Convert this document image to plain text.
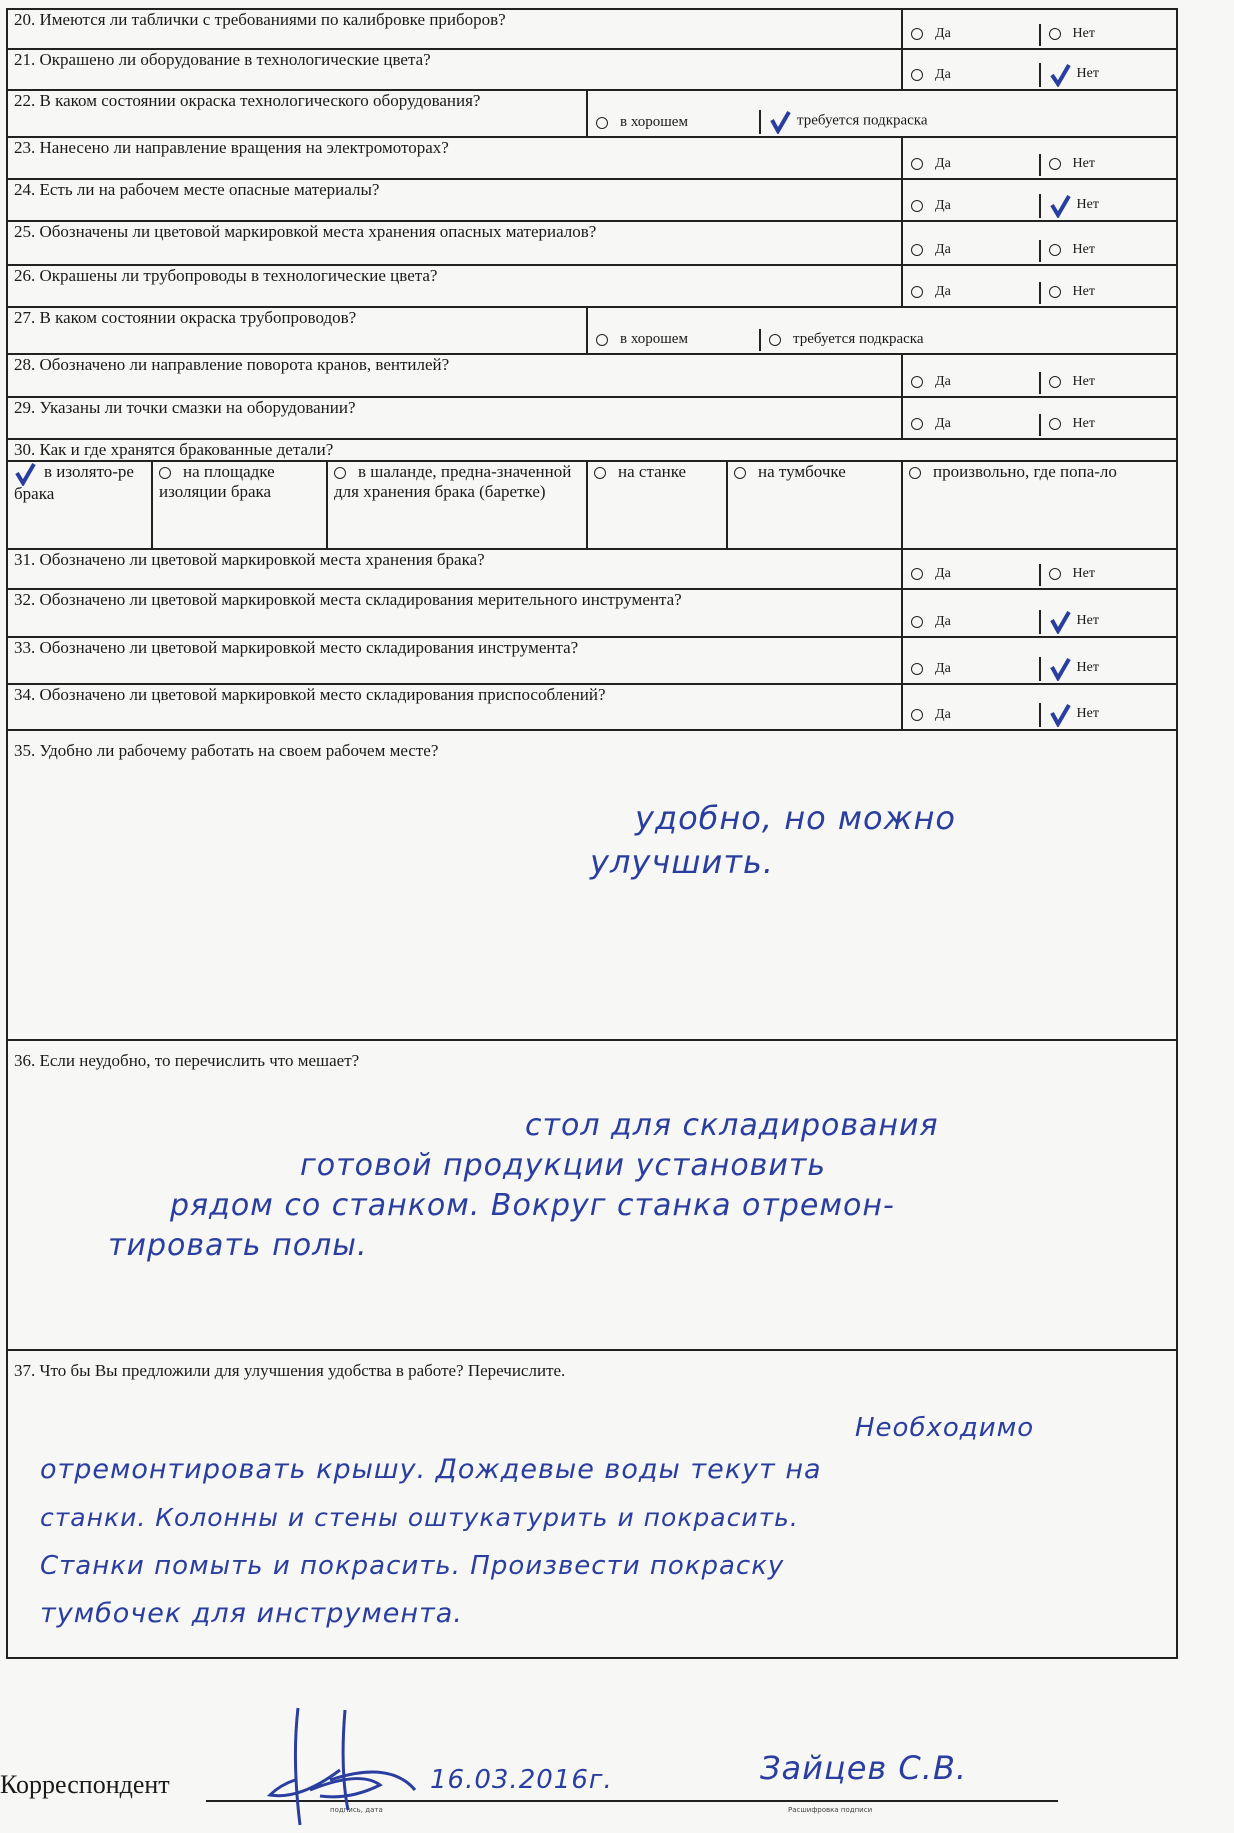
20. Имеются ли таблички с требованиями по калибровке приборов?					Да Нет

21. Окрашено ли оборудование в технологические цвета?					Да Нет

22. В каком состоянии окраска технологического оборудования?			в хорошем требуется подкраска		

23. Нанесено ли направление вращения на электромоторах?					Да Нет

24. Есть ли на рабочем месте опасные материалы?					Да Нет

25. Обозначены ли цветовой маркировкой места хранения опасных материалов?					Да Нет

26. Окрашены ли трубопроводы в технологические цвета?					Да Нет

27. В каком состоянии окраска трубопроводов?			в хорошем требуется подкраска		

28. Обозначено ли направление поворота кранов, вентилей?					Да Нет

29. Указаны ли точки смазки на оборудовании?					Да Нет

30. Как и где хранятся бракованные детали?					
в изолято-ре брака	на площадке изоляции брака	в шаланде, предна-значенной для хранения брака (баретке)	на станке	на тумбочке	произвольно, где попа-ло
31. Обозначено ли цветовой маркировкой места хранения брака?					Да Нет

32. Обозначено ли цветовой маркировкой места складирования мерительного инструмента?					Да Нет

33. Обозначено ли цветовой маркировкой место складирования инструмента?					Да Нет

34. Обозначено ли цветовой маркировкой место складирования приспособлений?					Да Нет

35. Удобно ли рабочему работать на своем рабочем месте?					
36. Если неудобно, то перечислить что мешает?					
37. Что бы Вы предложили для улучшения удобства в работе? Перечислите.					
удобно, но можно
улучшить.
стол для складирования
готовой продукции установить
рядом со станком. Вокруг станка отремон-
тировать полы.
Необходимо
отремонтировать крышу. Дождевые воды текут на
станки. Колонны и стены оштукатурить и покрасить.
Станки помыть и покрасить. Произвести покраску
тумбочек для инструмента.
Корреспондент	16.03.2016г.	Зайцев С.В.
подпись, дата	Расшифровка подписи
